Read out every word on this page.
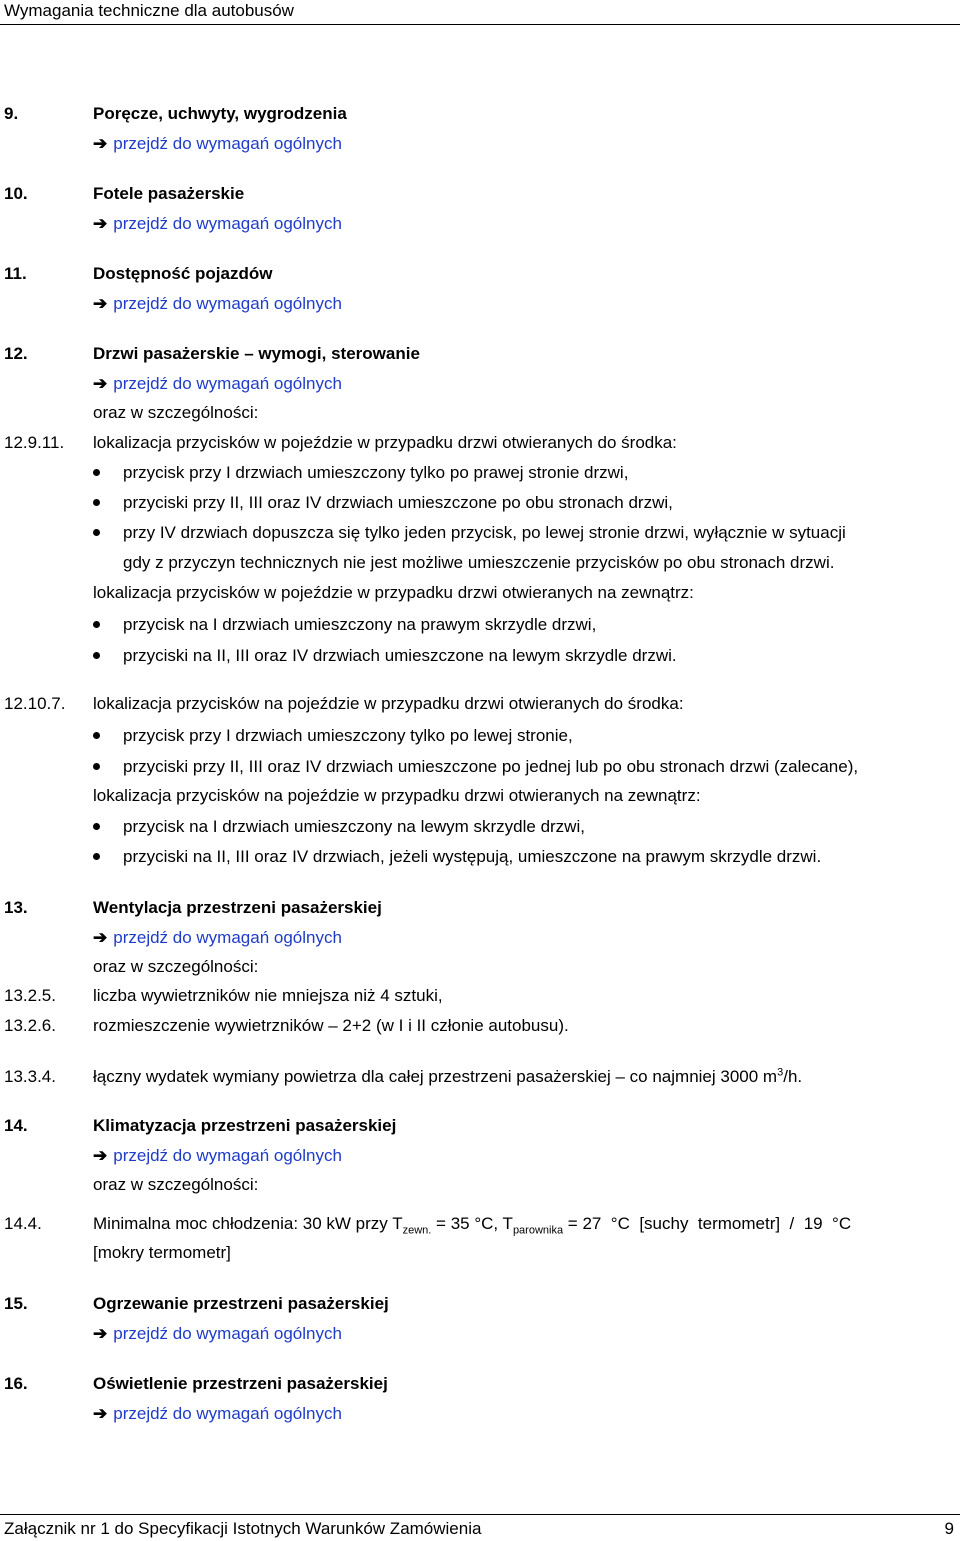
Wymagania techniczne dla autobusów
9.	Poręcze, uchwyty, wygrodzenia
➔ przejdź do wymagań ogólnych
10.	Fotele pasażerskie
➔ przejdź do wymagań ogólnych
11.	Dostępność pojazdów
➔ przejdź do wymagań ogólnych
12.	Drzwi pasażerskie – wymogi, sterowanie
➔ przejdź do wymagań ogólnych
oraz w szczególności:
12.9.11. lokalizacja przycisków w pojeździe w przypadku drzwi otwieranych do środka:
przycisk przy I drzwiach umieszczony tylko po prawej stronie drzwi,
przyciski przy II, III oraz IV drzwiach umieszczone po obu stronach drzwi,
przy IV drzwiach dopuszcza się tylko jeden przycisk, po lewej stronie drzwi, wyłącznie w sytuacji
gdy z przyczyn technicznych nie jest możliwe umieszczenie przycisków po obu stronach drzwi.
lokalizacja przycisków w pojeździe w przypadku drzwi otwieranych na zewnątrz:
przycisk na I drzwiach umieszczony na prawym skrzydle drzwi,
przyciski na II, III oraz IV drzwiach umieszczone na lewym skrzydle drzwi.
12.10.7. lokalizacja przycisków na pojeździe w przypadku drzwi otwieranych do środka:
przycisk przy I drzwiach umieszczony tylko po lewej stronie,
przyciski przy II, III oraz IV drzwiach umieszczone po jednej lub po obu stronach drzwi (zalecane),
lokalizacja przycisków na pojeździe w przypadku drzwi otwieranych na zewnątrz:
przycisk na I drzwiach umieszczony na lewym skrzydle drzwi,
przyciski na II, III oraz IV drzwiach, jeżeli występują, umieszczone na prawym skrzydle drzwi.
13.	Wentylacja przestrzeni pasażerskiej
➔ przejdź do wymagań ogólnych
oraz w szczególności:
13.2.5. liczba wywietrzników nie mniejsza niż 4 sztuki,
13.2.6. rozmieszczenie wywietrzników – 2+2 (w I i II członie autobusu).
13.3.4. łączny wydatek wymiany powietrza dla całej przestrzeni pasażerskiej – co najmniej 3000 $m^3/h$.
14.	Klimatyzacja przestrzeni pasażerskiej
➔ przejdź do wymagań ogólnych
oraz w szczególności:
14.4.	Minimalna moc chłodzenia: 30 kW przy $T_{zewn.} = 35$ °C, $T_{parownika} = 27$  °C  [suchy  termometr]  /  19  °C
[mokry termometr]
15.	Ogrzewanie przestrzeni pasażerskiej
➔ przejdź do wymagań ogólnych
16.	Oświetlenie przestrzeni pasażerskiej
➔ przejdź do wymagań ogólnych
Załącznik nr 1 do Specyfikacji Istotnych Warunków Zamówienia	9
